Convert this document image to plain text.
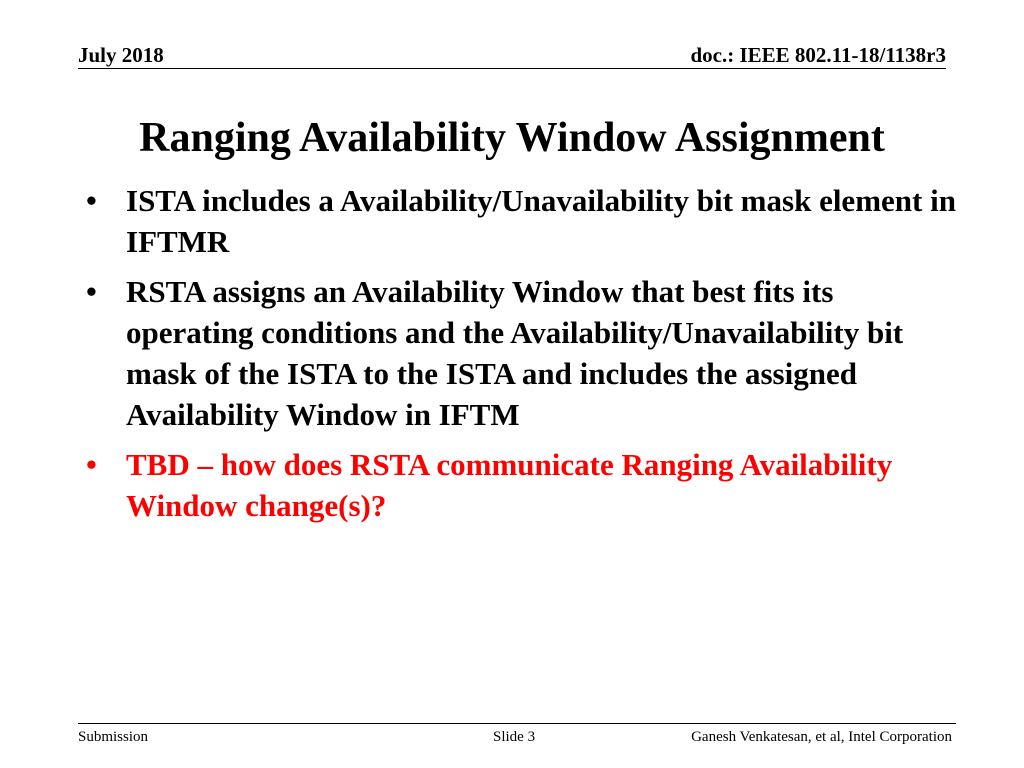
July 2018	doc.: IEEE 802.11-18/1138r3
Ranging Availability Window Assignment
• ISTA includes a Availability/Unavailability bit mask element in IFTMR
• RSTA assigns an Availability Window that best fits its operating conditions and the Availability/Unavailability bit mask of the ISTA to the ISTA and includes the assigned Availability Window in IFTM
• TBD – how does RSTA communicate Ranging Availability Window change(s)?
Submission	Slide 3	Ganesh Venkatesan, et al, Intel Corporation
